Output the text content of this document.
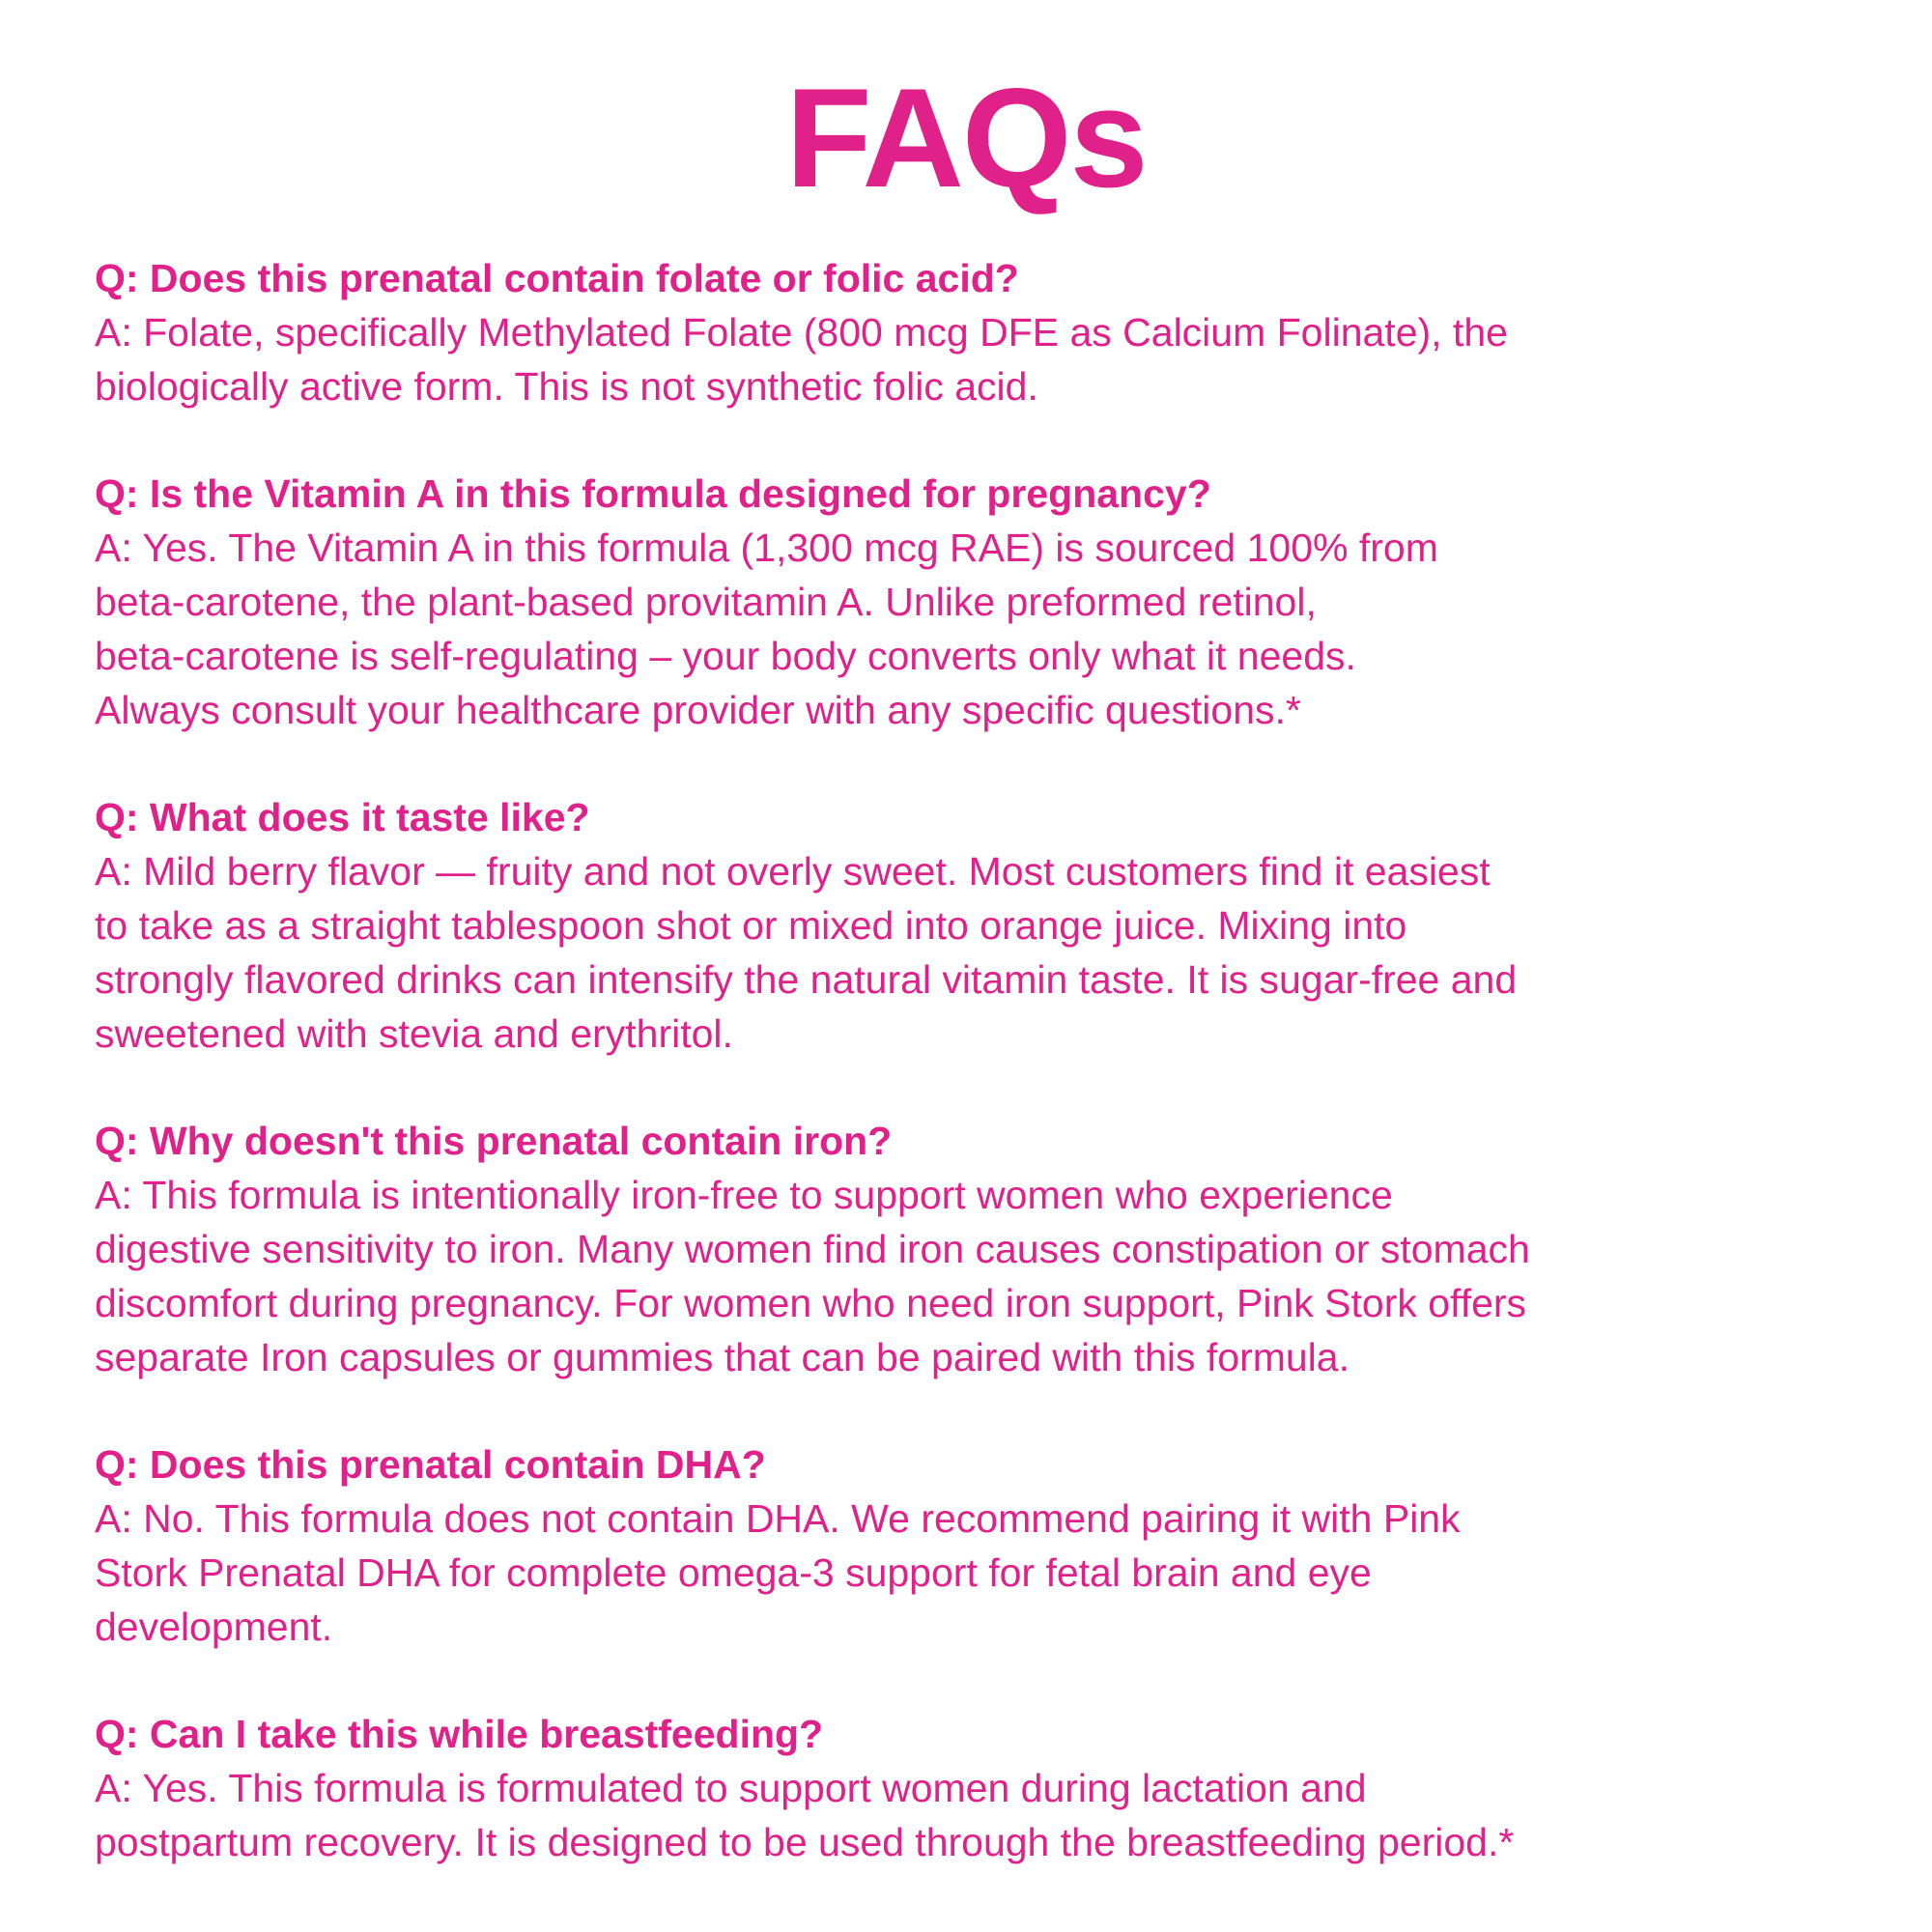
FAQs

Q: Does this prenatal contain folate or folic acid?

A: Folate, specifically Methylated Folate (800 mcg DFE as Calcium Folinate), the
biologically active form. This is not synthetic folic acid.

Q: Is the Vitamin A in this formula designed for pregnancy?

A: Yes. The Vitamin A in this formula (1,300 mcg RAE) is sourced 100% from
beta-carotene, the plant-based provitamin A. Unlike preformed retinol,
beta-carotene is self-regulating – your body converts only what it needs.
Always consult your healthcare provider with any specific questions.*

Q: What does it taste like?

A: Mild berry flavor — fruity and not overly sweet. Most customers find it easiest
to take as a straight tablespoon shot or mixed into orange juice. Mixing into
strongly flavored drinks can intensify the natural vitamin taste. It is sugar-free and
sweetened with stevia and erythritol.

Q: Why doesn't this prenatal contain iron?

A: This formula is intentionally iron-free to support women who experience
digestive sensitivity to iron. Many women find iron causes constipation or stomach
discomfort during pregnancy. For women who need iron support, Pink Stork offers
separate Iron capsules or gummies that can be paired with this formula.

Q: Does this prenatal contain DHA?

A: No. This formula does not contain DHA. We recommend pairing it with Pink
Stork Prenatal DHA for complete omega-3 support for fetal brain and eye
development.

Q: Can I take this while breastfeeding?

A: Yes. This formula is formulated to support women during lactation and
postpartum recovery. It is designed to be used through the breastfeeding period.*
